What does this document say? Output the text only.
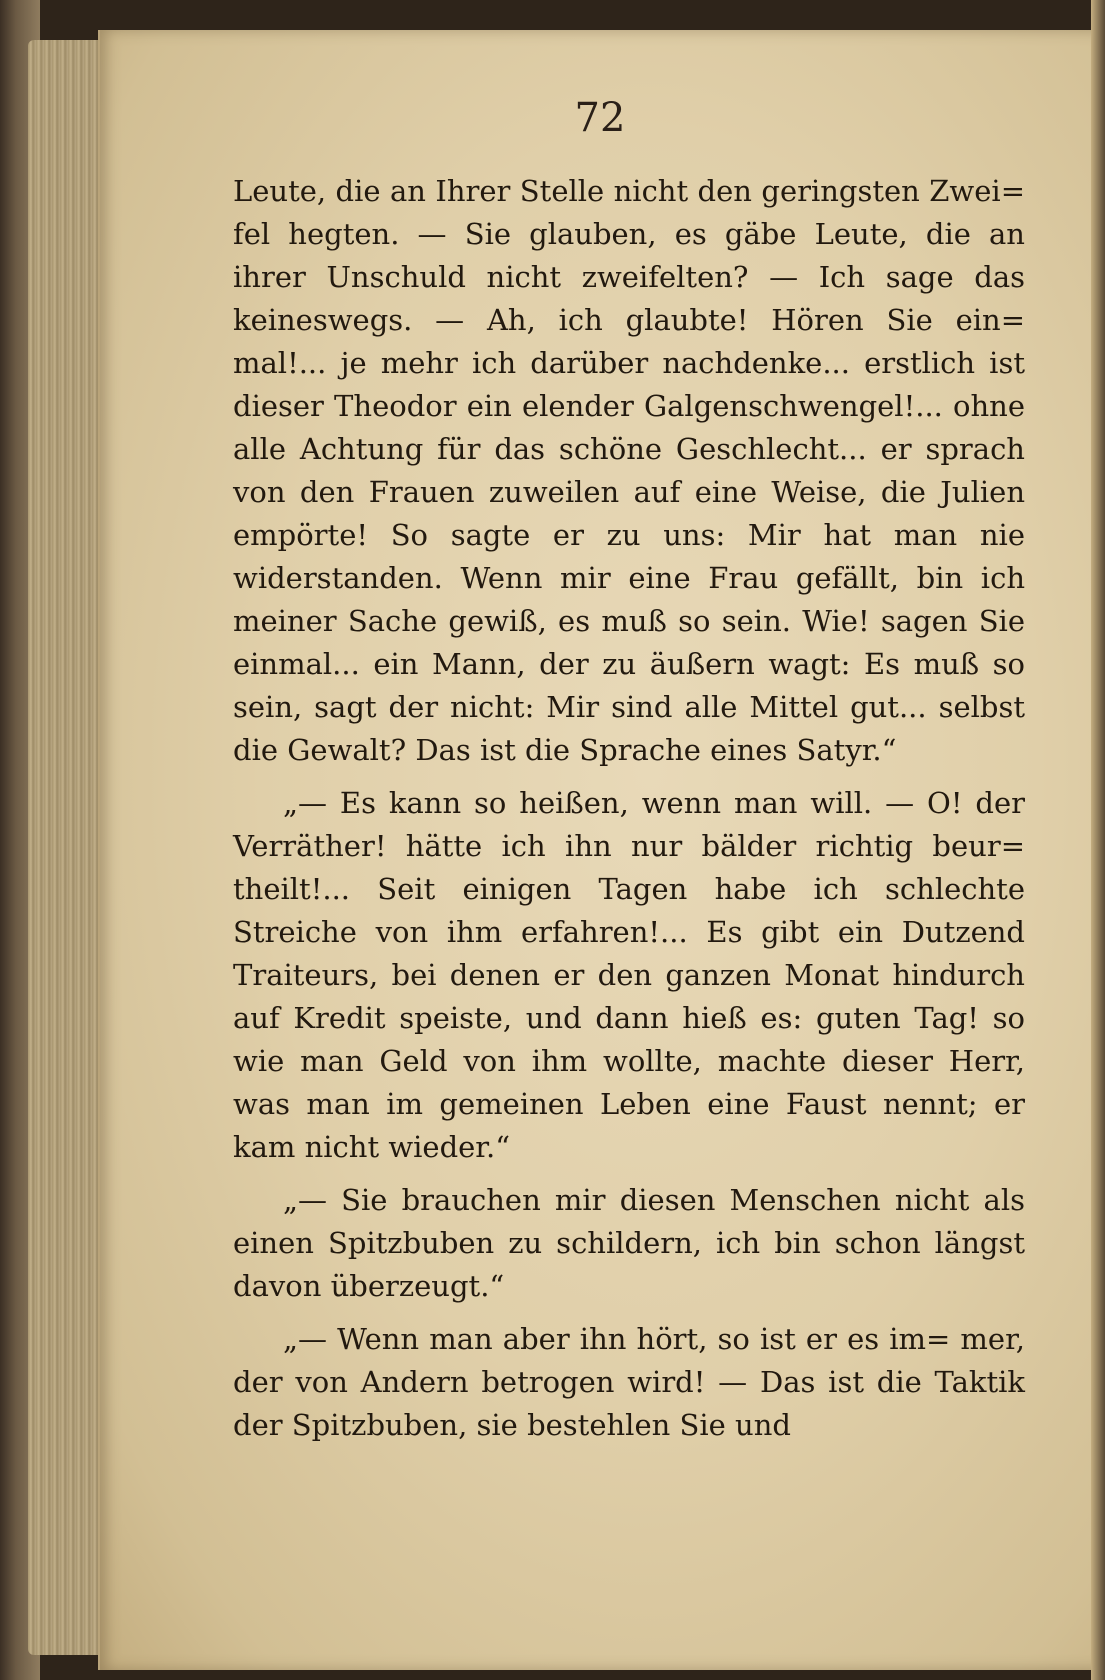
72

Leute, die an Ihrer Stelle nicht den geringsten Zwei= fel hegten. — Sie glauben, es gäbe Leute, die an ihrer Unschuld nicht zweifelten? — Ich sage das keineswegs. — Ah, ich glaubte! Hören Sie ein= mal!... je mehr ich darüber nachdenke... erstlich ist dieser Theodor ein elender Galgenschwengel!... ohne alle Achtung für das schöne Geschlecht... er sprach von den Frauen zuweilen auf eine Weise, die Julien empörte! So sagte er zu uns: Mir hat man nie widerstanden. Wenn mir eine Frau gefällt, bin ich meiner Sache gewiß, es muß so sein. Wie! sagen Sie einmal... ein Mann, der zu äußern wagt: Es muß so sein, sagt der nicht: Mir sind alle Mittel gut... selbst die Gewalt? Das ist die Sprache eines Satyr.“

„— Es kann so heißen, wenn man will. — O! der Verräther! hätte ich ihn nur bälder richtig beur= theilt!... Seit einigen Tagen habe ich schlechte Streiche von ihm erfahren!... Es gibt ein Dutzend Traiteurs, bei denen er den ganzen Monat hindurch auf Kredit speiste, und dann hieß es: guten Tag! so wie man Geld von ihm wollte, machte dieser Herr, was man im gemeinen Leben eine Faust nennt; er kam nicht wieder.“

„— Sie brauchen mir diesen Menschen nicht als einen Spitzbuben zu schildern, ich bin schon längst davon überzeugt.“

„— Wenn man aber ihn hört, so ist er es im= mer, der von Andern betrogen wird! — Das ist die Taktik der Spitzbuben, sie bestehlen Sie und
